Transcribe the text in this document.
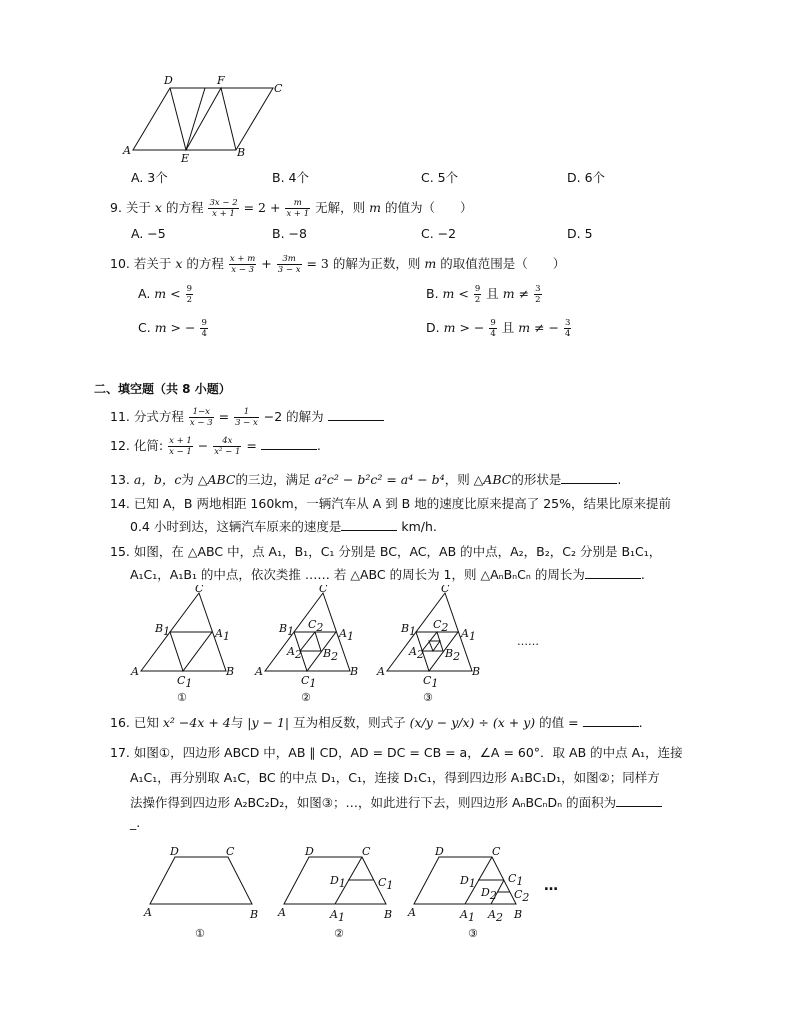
D	F
C
A
E	B
A. 3个	B. 4个	C. 5个	D. 6个
9. 关于 x 的方程 $\frac{3x - 2}{x + 1} = 2 + \frac{m}{x + 1}$ 无解，则 m 的值为（　　）
A. −5	B. −8	C. −2	D. 5
10. 若关于 x 的方程 $\frac{x + m}{x - 3} + \frac{3m}{3 - x} = 3$ 的解为正数，则 m 的取值范围是（　　）
A. $m < \frac{9}{2}$	B. $m < \frac{9}{2}$ 且 $m \ne \frac{3}{2}$
C. m > − $\frac{9}{4}$	D. m > − $\frac{9}{4}$ 且 m ≠ − $\frac{3}{4}$
二、填空题（共 8 小题）
11. 分式方程 $\frac{1-x}{x - 3} = \frac{1}{3 - x} -2$ 的解为
12. 化简: $\frac{x + 1}{x - 1} - \frac{4x}{\text{x² − 1}}$ =	.
13. a，b，c为 △ABC的三边，满足 a²c² − b²c² = a⁴ − b⁴，则 △ABC的形状是	.
14. 已知 A，B 两地相距 160km，一辆汽车从 A 到 B 地的速度比原来提高了 25%，结果比原来提前
0.4 小时到达，这辆汽车原来的速度是	km/h.
15. 如图，在 △ABC 中，点 A₁，B₁，C₁ 分别是 BC，AC，AB 的中点，A₂，B₂，C₂ 分别是 B₁C₁，
A₁C₁，A₁B₁ 的中点，依次类推 …… 若 △ABC 的周长为 1，则 △AₙBₙCₙ 的周长为	.
C
B1	A1
A	B
C1
①
C
B1
C2 A1
A2 B2
A	B
C1
②
C
B1
C2 A1
A2 B2
A	B
C1
③
……
16. 已知 x² −4x + 4与 |y − 1| 互为相反数，则式子 (x/y − y/x) ÷ (x + y) 的值 =	.
17. 如图①，四边形 ABCD 中，AB ∥ CD，AD = DC = CB = a，∠A = 60°．取 AB 的中点 A₁，连接
A₁C₁，再分别取 A₁C，BC 的中点 D₁，C₁，连接 D₁C₁，得到四边形 A₁BC₁D₁，如图②；同样方
法操作得到四边形 A₂BC₂D₂，如图③；…，如此进行下去，则四边形 AₙBCₙDₙ 的面积为
_.
D	C
A	B
①
D	C
D1	C1
A	A1	B
②
D	C
D1	C1
D2 C2
A	A1 A2 B
③
…
